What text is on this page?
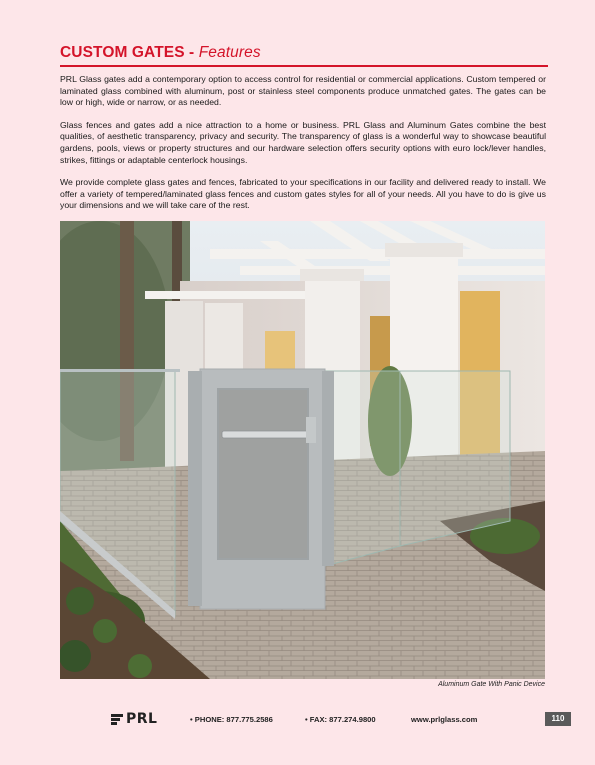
CUSTOM GATES - Features

PRL Glass gates add a contemporary option to access control for residential or commercial applications. Custom tempered or laminated glass combined with aluminum, post or stainless steel components produce unmatched gates. The gates can be low or high, wide or narrow, or as needed.

Glass fences and gates add a nice attraction to a home or business. PRL Glass and Aluminum Gates combine the best qualities, of aesthetic transparency, privacy and security. The transparency of glass is a wonderful way to showcase beautiful gardens, pools, views or property structures and our hardware selection offers security options with euro lock/lever handles, strikes, fittings or adaptable centerlock housings.

We provide complete glass gates and fences, fabricated to your specifications in our facility and delivered ready to install. We offer a variety of tempered/laminated glass fences and custom gates styles for all of your needs. All you have to do is give us your dimensions and we will take care of the rest.

Aluminum Gate With Panic Device
PRL	• PHONE: 877.775.2586	• FAX: 877.274.9800	www.prlglass.com	110
